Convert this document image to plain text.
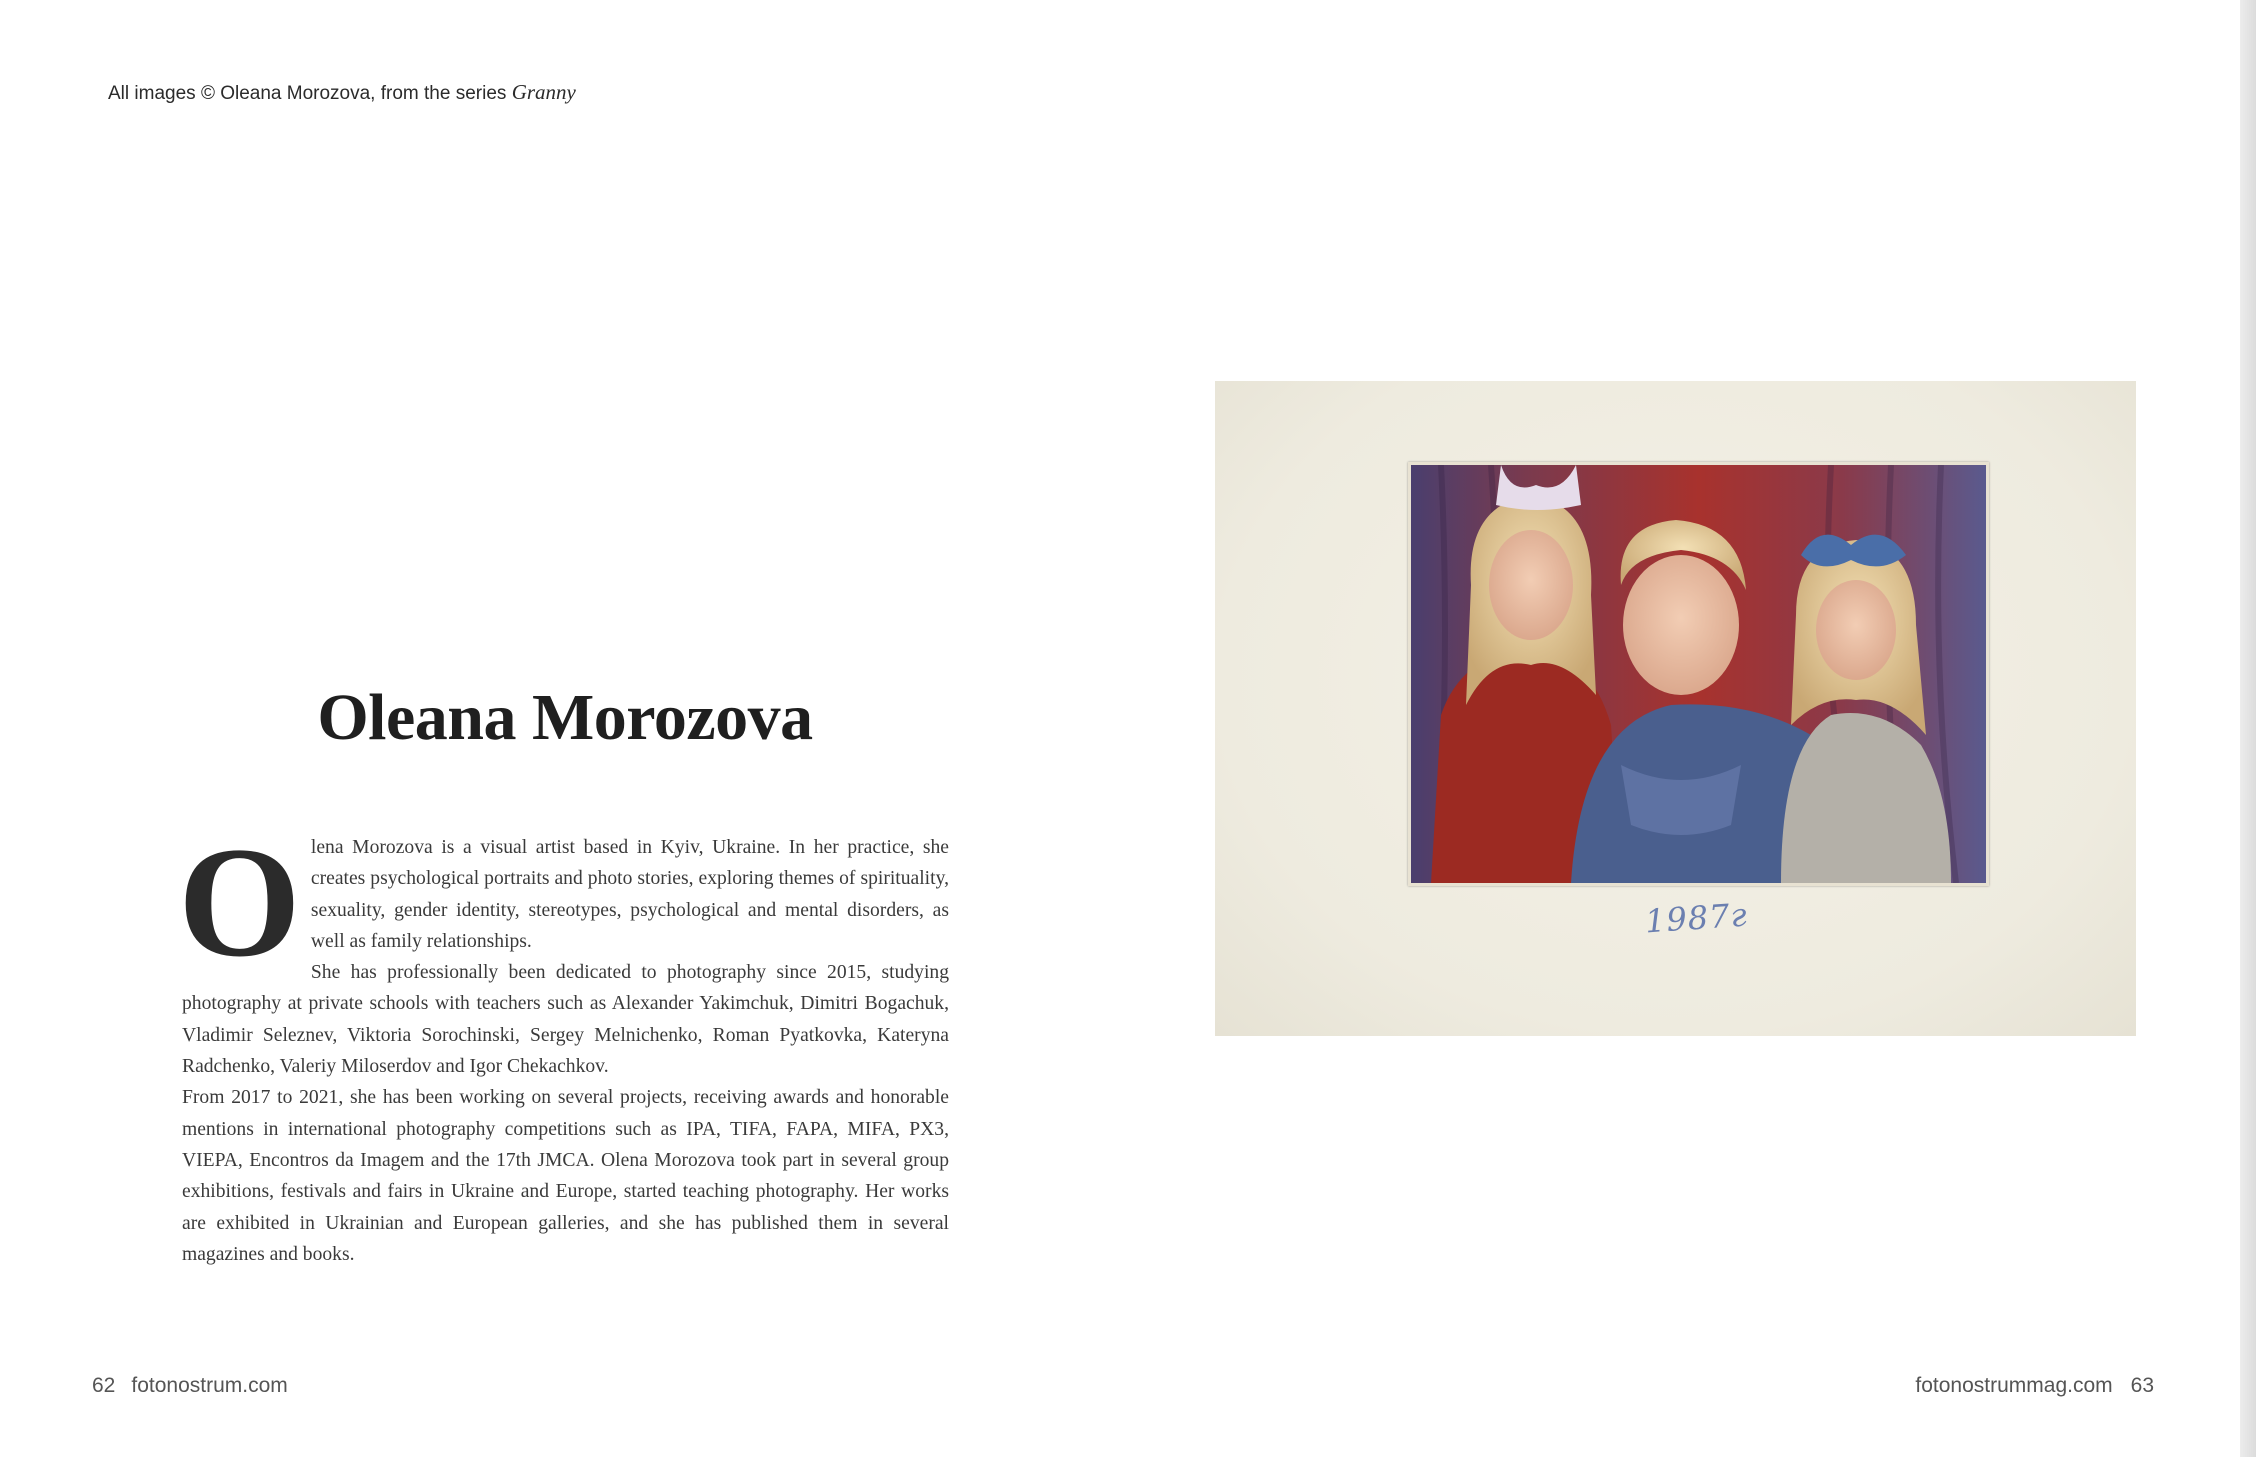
All images © Oleana Morozova, from the series Granny
Oleana Morozova

Olena Morozova is a visual artist based in Kyiv, Ukraine. In her practice, she creates psychological portraits and photo stories, exploring themes of spirituality, sexuality, gender identity, stereotypes, psychological and mental disorders, as well as family relationships.

She has professionally been dedicated to photography since 2015, studying photography at private schools with teachers such as Alexander Yakimchuk, Dimitri Bogachuk, Vladimir Seleznev, Viktoria Sorochinski, Sergey Melnichenko, Roman Pyatkovka, Kateryna Radchenko, Valeriy Miloserdov and Igor Chekachkov.

From 2017 to 2021, she has been working on several projects, receiving awards and honorable mentions in international photography competitions such as IPA, TIFA, FAPA, MIFA, PX3, VIEPA, Encontros da Imagem and the 17th JMCA. Olena Morozova took part in several group exhibitions, festivals and fairs in Ukraine and Europe, started teaching photography. Her works are exhibited in Ukrainian and European galleries, and she has published them in several magazines and books.

1987г
62 fotonostrum.com	fotonostrummag.com 63
